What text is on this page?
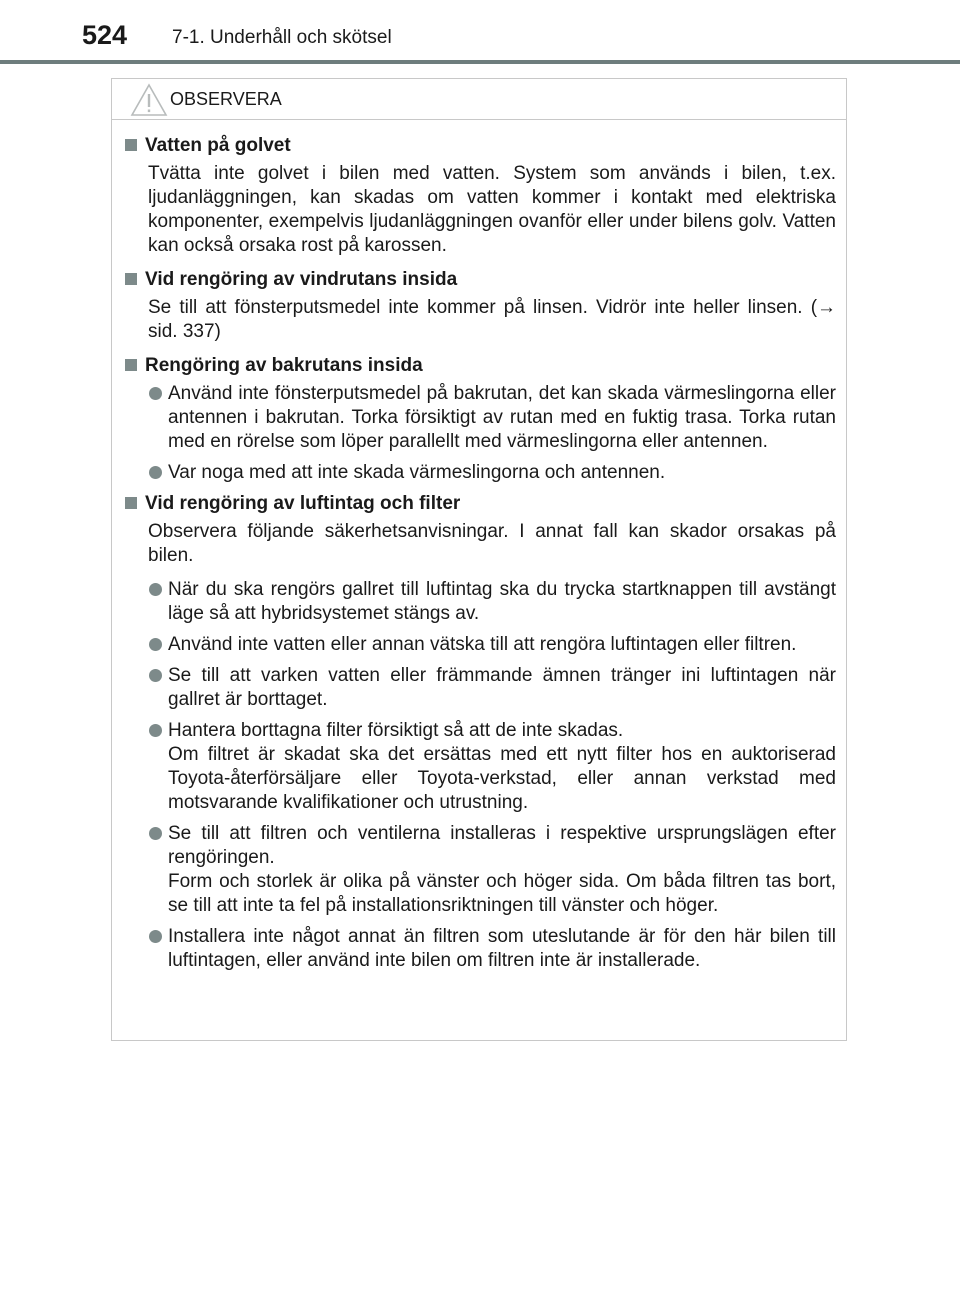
524 7-1. Underhåll och skötsel
OBSERVERA
Vatten på golvet
Tvätta inte golvet i bilen med vatten. System som används i bilen, t.ex. ljudanläggningen, kan skadas om vatten kommer i kontakt med elektriska komponenter, exempelvis ljudanläggningen ovanför eller under bilens golv. Vatten kan också orsaka rost på karossen.
Vid rengöring av vindrutans insida
Se till att fönsterputsmedel inte kommer på linsen. Vidrör inte heller linsen. (→ sid. 337)
Rengöring av bakrutans insida
Använd inte fönsterputsmedel på bakrutan, det kan skada värmeslingorna eller antennen i bakrutan. Torka försiktigt av rutan med en fuktig trasa. Torka rutan med en rörelse som löper parallellt med värmeslingorna eller antennen.
Var noga med att inte skada värmeslingorna och antennen.
Vid rengöring av luftintag och filter
Observera följande säkerhetsanvisningar. I annat fall kan skador orsakas på bilen.
När du ska rengörs gallret till luftintag ska du trycka startknappen till avstängt läge så att hybridsystemet stängs av.
Använd inte vatten eller annan vätska till att rengöra luftintagen eller filtren.
Se till att varken vatten eller främmande ämnen tränger ini luftintagen när gallret är borttaget.
Hantera borttagna filter försiktigt så att de inte skadas.
Om filtret är skadat ska det ersättas med ett nytt filter hos en auktoriserad Toyota-återförsäljare eller Toyota-verkstad, eller annan verkstad med motsvarande kvalifikationer och utrustning.
Se till att filtren och ventilerna installeras i respektive ursprungslägen efter rengöringen.
Form och storlek är olika på vänster och höger sida. Om båda filtren tas bort, se till att inte ta fel på installationsriktningen till vänster och höger.
Installera inte något annat än filtren som uteslutande är för den här bilen till luftintagen, eller använd inte bilen om filtren inte är installerade.
